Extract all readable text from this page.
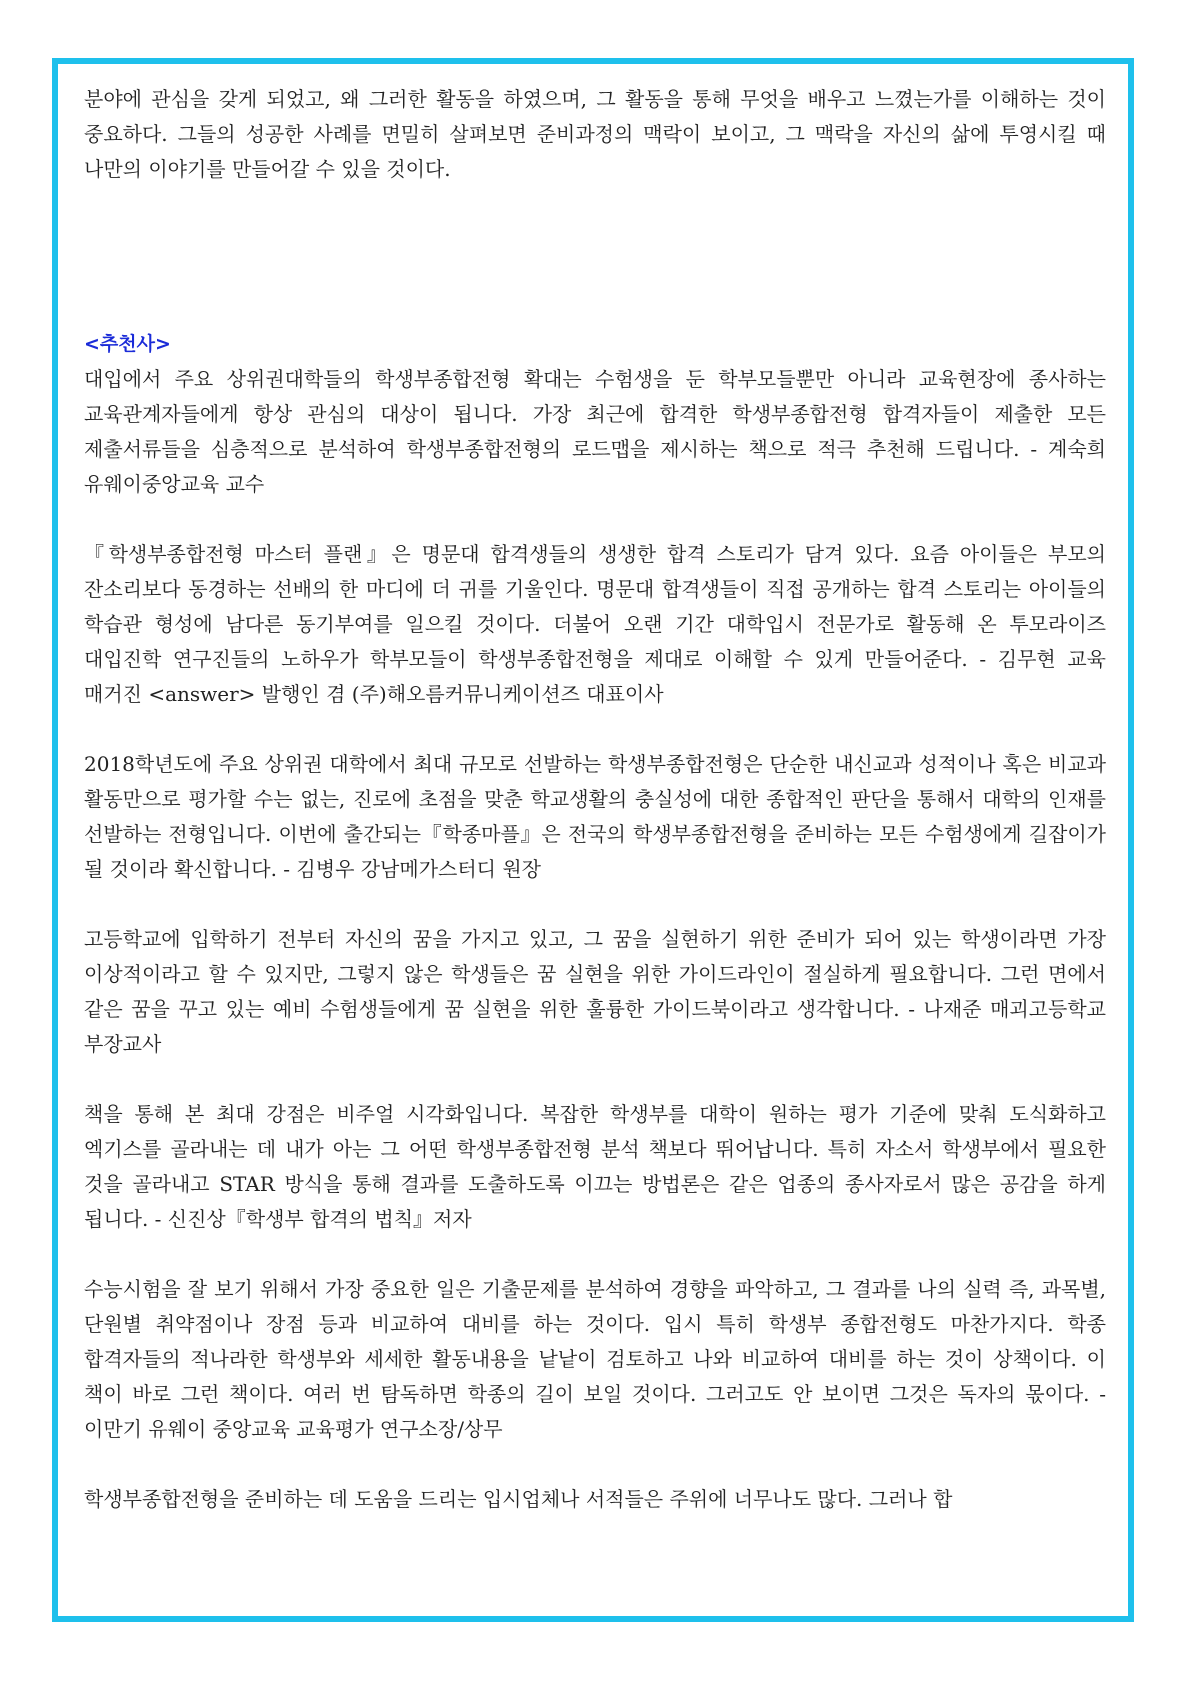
분야에 관심을 갖게 되었고, 왜 그러한 활동을 하였으며, 그 활동을 통해 무엇을 배우고 느꼈는가를 이해하는 것이 중요하다. 그들의 성공한 사례를 면밀히 살펴보면 준비과정의 맥락이 보이고, 그 맥락을 자신의 삶에 투영시킬 때 나만의 이야기를 만들어갈 수 있을 것이다.

<추천사>

대입에서 주요 상위권대학들의 학생부종합전형 확대는 수험생을 둔 학부모들뿐만 아니라 교육현장에 종사하는 교육관계자들에게 항상 관심의 대상이 됩니다. 가장 최근에 합격한 학생부종합전형 합격자들이 제출한 모든 제출서류들을 심층적으로 분석하여 학생부종합전형의 로드맵을 제시하는 책으로 적극 추천해 드립니다. - 계숙희 유웨이중앙교육 교수

『학생부종합전형 마스터 플랜』은 명문대 합격생들의 생생한 합격 스토리가 담겨 있다. 요즘 아이들은 부모의 잔소리보다 동경하는 선배의 한 마디에 더 귀를 기울인다. 명문대 합격생들이 직접 공개하는 합격 스토리는 아이들의 학습관 형성에 남다른 동기부여를 일으킬 것이다. 더불어 오랜 기간 대학입시 전문가로 활동해 온 투모라이즈 대입진학 연구진들의 노하우가 학부모들이 학생부종합전형을 제대로 이해할 수 있게 만들어준다. - 김무현 교육 매거진 <answer> 발행인 겸 (주)해오름커뮤니케이션즈 대표이사

2018학년도에 주요 상위권 대학에서 최대 규모로 선발하는 학생부종합전형은 단순한 내신교과 성적이나 혹은 비교과 활동만으로 평가할 수는 없는, 진로에 초점을 맞춘 학교생활의 충실성에 대한 종합적인 판단을 통해서 대학의 인재를 선발하는 전형입니다. 이번에 출간되는『학종마플』은 전국의 학생부종합전형을 준비하는 모든 수험생에게 길잡이가 될 것이라 확신합니다. - 김병우 강남메가스터디 원장

고등학교에 입학하기 전부터 자신의 꿈을 가지고 있고, 그 꿈을 실현하기 위한 준비가 되어 있는 학생이라면 가장 이상적이라고 할 수 있지만, 그렇지 않은 학생들은 꿈 실현을 위한 가이드라인이 절실하게 필요합니다. 그런 면에서 같은 꿈을 꾸고 있는 예비 수험생들에게 꿈 실현을 위한 훌륭한 가이드북이라고 생각합니다. - 나재준 매괴고등학교 부장교사

책을 통해 본 최대 강점은 비주얼 시각화입니다. 복잡한 학생부를 대학이 원하는 평가 기준에 맞춰 도식화하고 엑기스를 골라내는 데 내가 아는 그 어떤 학생부종합전형 분석 책보다 뛰어납니다. 특히 자소서 학생부에서 필요한 것을 골라내고 STAR 방식을 통해 결과를 도출하도록 이끄는 방법론은 같은 업종의 종사자로서 많은 공감을 하게 됩니다. - 신진상『학생부 합격의 법칙』저자

수능시험을 잘 보기 위해서 가장 중요한 일은 기출문제를 분석하여 경향을 파악하고, 그 결과를 나의 실력 즉, 과목별, 단원별 취약점이나 장점 등과 비교하여 대비를 하는 것이다. 입시 특히 학생부 종합전형도 마찬가지다. 학종 합격자들의 적나라한 학생부와 세세한 활동내용을 낱낱이 검토하고 나와 비교하여 대비를 하는 것이 상책이다. 이 책이 바로 그런 책이다. 여러 번 탐독하면 학종의 길이 보일 것이다. 그러고도 안 보이면 그것은 독자의 몫이다. - 이만기 유웨이 중앙교육 교육평가 연구소장/상무

학생부종합전형을 준비하는 데 도움을 드리는 입시업체나 서적들은 주위에 너무나도 많다. 그러나 합
